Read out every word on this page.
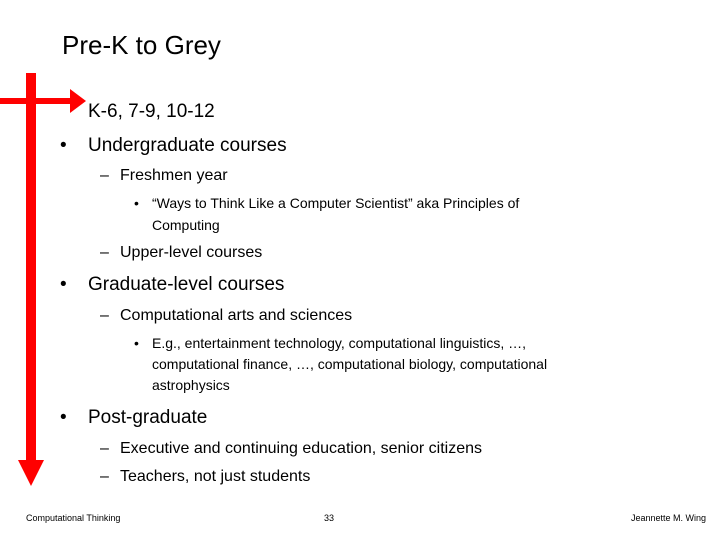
Pre-K to Grey
K-6, 7-9, 10-12
• Undergraduate courses
– Freshmen year
• “Ways to Think Like a Computer Scientist” aka Principles of
Computing
– Upper-level courses
• Graduate-level courses
– Computational arts and sciences
• E.g., entertainment technology, computational linguistics, …,
computational finance, …, computational biology, computational
astrophysics
• Post-graduate
– Executive and continuing education, senior citizens
– Teachers, not just students
Computational Thinking	33	Jeannette M. Wing
